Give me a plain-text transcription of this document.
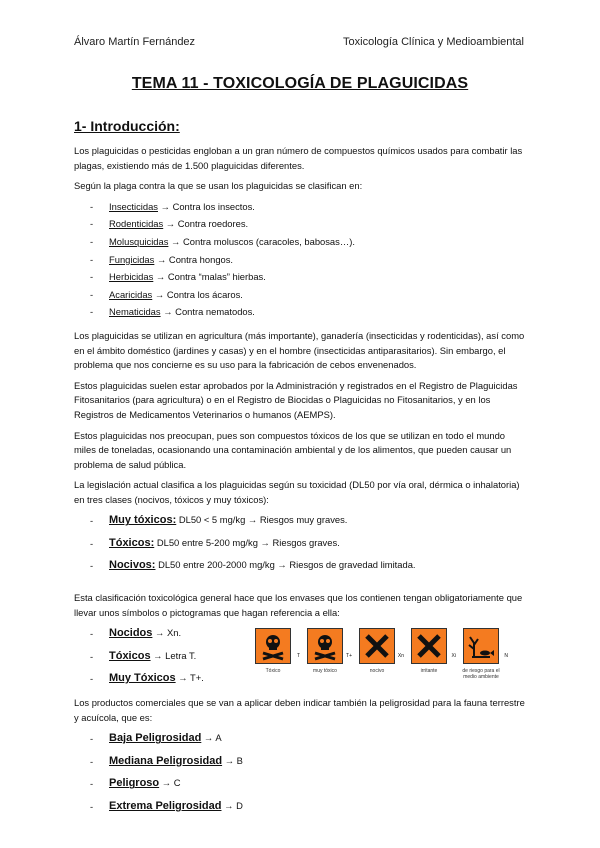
Álvaro Martín Fernández	Toxicología Clínica y Medioambiental
TEMA 11 - TOXICOLOGÍA DE PLAGUICIDAS
1- Introducción:

Los plaguicidas o pesticidas engloban a un gran número de compuestos químicos usados para combatir las plagas, existiendo más de 1.500 plaguicidas diferentes.

Según la plaga contra la que se usan los plaguicidas se clasifican en:

- Insecticidas → Contra los insectos.
- Rodenticidas → Contra roedores.
- Molusquicidas → Contra moluscos (caracoles, babosas…).
- Fungicidas → Contra hongos.
- Herbicidas → Contra “malas” hierbas.
- Acaricidas → Contra los ácaros.
- Nematicidas → Contra nematodos.

Los plaguicidas se utilizan en agricultura (más importante), ganadería (insecticidas y rodenticidas), así como en el ámbito doméstico (jardines y casas) y en el hombre (insecticidas antiparasitarios). Sin embargo, el problema que nos concierne es su uso para la fabricación de cebos envenenados.

Estos plaguicidas suelen estar aprobados por la Administración y registrados en el Registro de Plaguicidas Fitosanitarios (para agricultura) o en el Registro de Biocidas o Plaguicidas no Fitosanitarios, y en los Registros de Medicamentos Veterinarios o humanos (AEMPS).

Estos plaguicidas nos preocupan, pues son compuestos tóxicos de los que se utilizan en todo el mundo miles de toneladas, ocasionando una contaminación ambiental y de los alimentos, que pueden causar un problema de salud pública.

La legislación actual clasifica a los plaguicidas según su toxicidad (DL50 por vía oral, dérmica o inhalatoria) en tres clases (nocivos, tóxicos y muy tóxicos):

- Muy tóxicos: DL50 < 5 mg/kg → Riesgos muy graves.
- Tóxicos: DL50 entre 5-200 mg/kg → Riesgos graves.
- Nocivos: DL50 entre 200-2000 mg/kg → Riesgos de gravedad limitada.

Esta clasificación toxicológica general hace que los envases que los contienen tengan obligatoriamente que llevar unos símbolos o pictogramas que hagan referencia a ella:

- Nocidos → Xn.
- Tóxicos → Letra T.
- Muy Tóxicos → T+.
T
Tóxico
T+
muy tóxico
Xn
nocivo
Xi
irritante
N
de riesgo para el medio ambiente

Los productos comerciales que se van a aplicar deben indicar también la peligrosidad para la fauna terrestre y acuícola, que es:

- Baja Peligrosidad → A
- Mediana Peligrosidad → B
- Peligroso → C
- Extrema Peligrosidad → D
